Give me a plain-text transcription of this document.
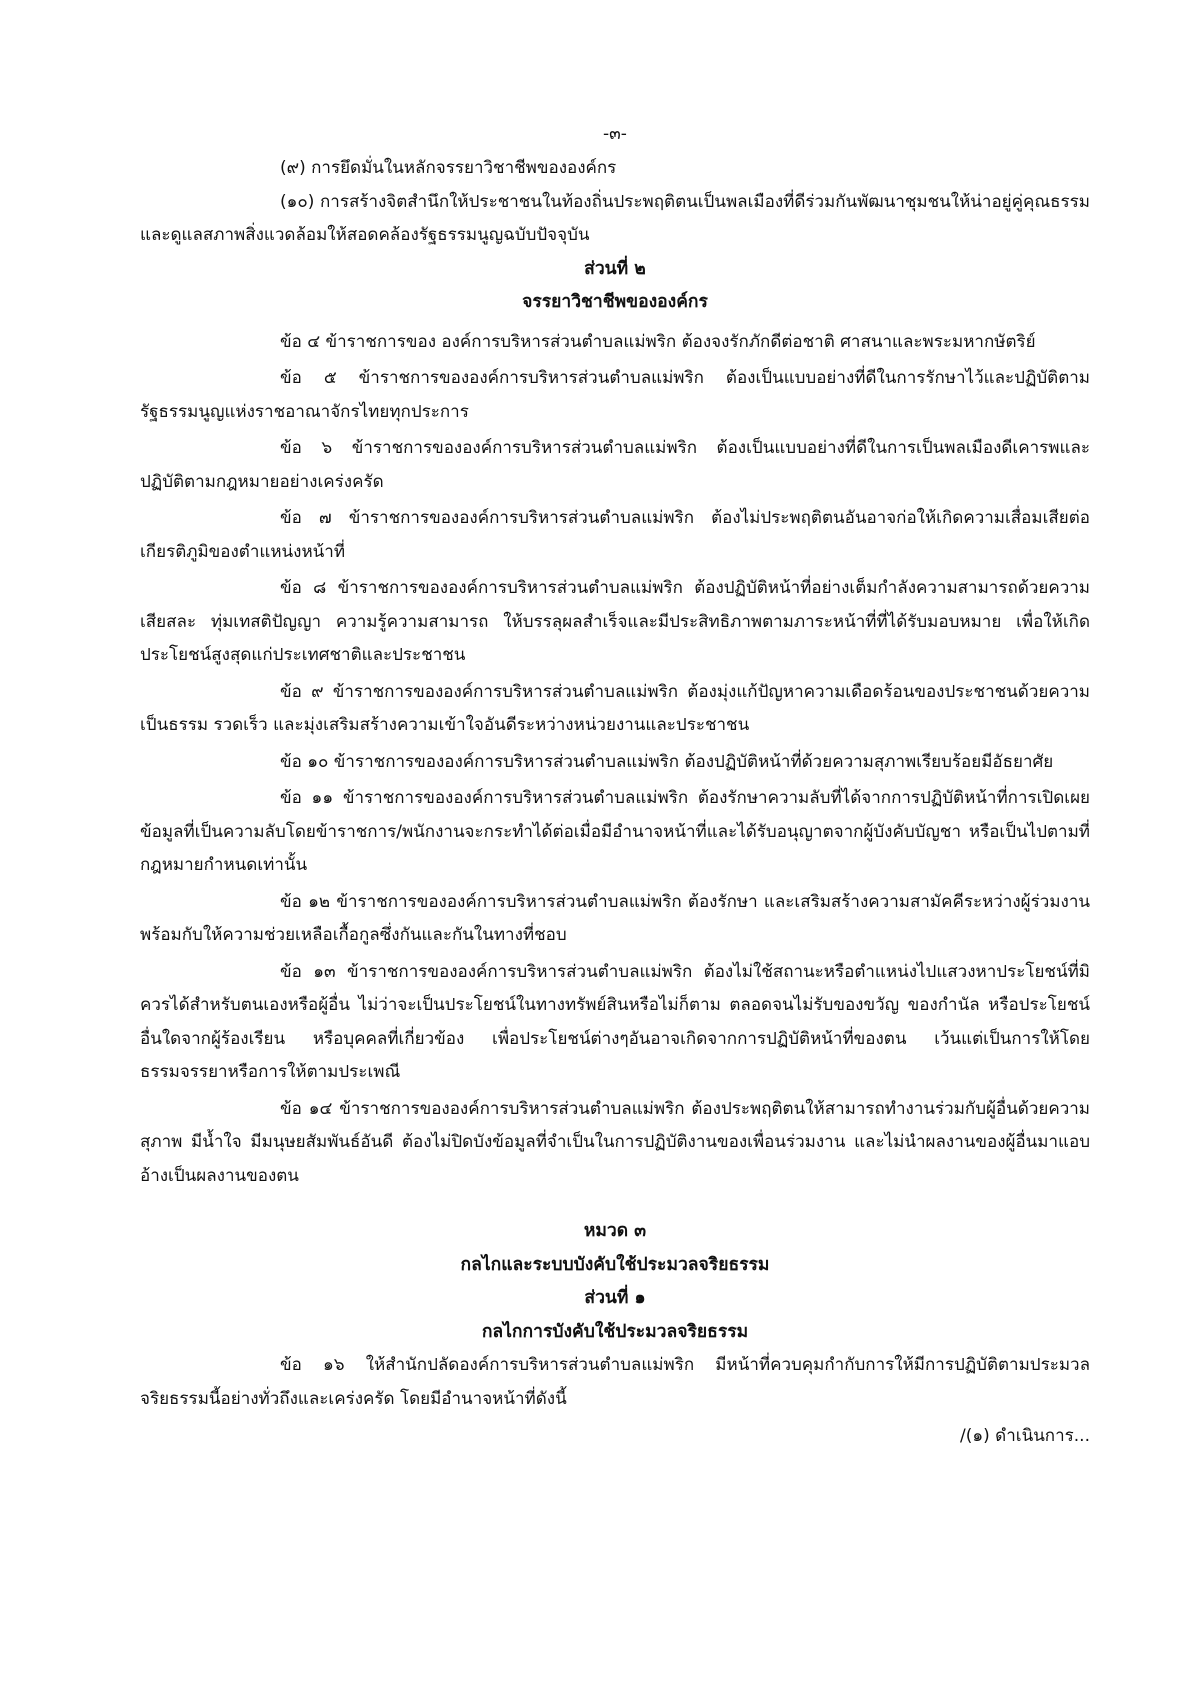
-๓-

(๙) การยึดมั่นในหลักจรรยาวิชาชีพขององค์กร

(๑๐) การสร้างจิตสำนึกให้ประชาชนในท้องถิ่นประพฤติตนเป็นพลเมืองที่ดีร่วมกันพัฒนาชุมชนให้น่าอยู่คู่คุณธรรมและดูแลสภาพสิ่งแวดล้อมให้สอดคล้องรัฐธรรมนูญฉบับปัจจุบัน

ส่วนที่ ๒

จรรยาวิชาชีพขององค์กร

ข้อ ๔ ข้าราชการของ องค์การบริหารส่วนตำบลแม่พริก ต้องจงรักภักดีต่อชาติ ศาสนาและพระมหากษัตริย์

ข้อ ๕ ข้าราชการขององค์การบริหารส่วนตำบลแม่พริก ต้องเป็นแบบอย่างที่ดีในการรักษาไว้และปฏิบัติตามรัฐธรรมนูญแห่งราชอาณาจักรไทยทุกประการ

ข้อ ๖ ข้าราชการขององค์การบริหารส่วนตำบลแม่พริก ต้องเป็นแบบอย่างที่ดีในการเป็นพลเมืองดีเคารพและปฏิบัติตามกฎหมายอย่างเคร่งครัด

ข้อ ๗ ข้าราชการขององค์การบริหารส่วนตำบลแม่พริก ต้องไม่ประพฤติตนอันอาจก่อให้เกิดความเสื่อมเสียต่อเกียรติภูมิของตำแหน่งหน้าที่

ข้อ ๘ ข้าราชการขององค์การบริหารส่วนตำบลแม่พริก ต้องปฏิบัติหน้าที่อย่างเต็มกำลังความสามารถด้วยความเสียสละ ทุ่มเทสติปัญญา ความรู้ความสามารถ ให้บรรลุผลสำเร็จและมีประสิทธิภาพตามภาระหน้าที่ที่ได้รับมอบหมาย เพื่อให้เกิดประโยชน์สูงสุดแก่ประเทศชาติและประชาชน

ข้อ ๙ ข้าราชการขององค์การบริหารส่วนตำบลแม่พริก ต้องมุ่งแก้ปัญหาความเดือดร้อนของประชาชนด้วยความเป็นธรรม รวดเร็ว และมุ่งเสริมสร้างความเข้าใจอันดีระหว่างหน่วยงานและประชาชน

ข้อ ๑๐ ข้าราชการขององค์การบริหารส่วนตำบลแม่พริก ต้องปฏิบัติหน้าที่ด้วยความสุภาพเรียบร้อยมีอัธยาศัย

ข้อ ๑๑ ข้าราชการขององค์การบริหารส่วนตำบลแม่พริก ต้องรักษาความลับที่ได้จากการปฏิบัติหน้าที่การเปิดเผยข้อมูลที่เป็นความลับโดยข้าราชการ/พนักงานจะกระทำได้ต่อเมื่อมีอำนาจหน้าที่และได้รับอนุญาตจากผู้บังคับบัญชา หรือเป็นไปตามที่กฎหมายกำหนดเท่านั้น

ข้อ ๑๒ ข้าราชการขององค์การบริหารส่วนตำบลแม่พริก ต้องรักษา และเสริมสร้างความสามัคคีระหว่างผู้ร่วมงาน พร้อมกับให้ความช่วยเหลือเกื้อกูลซึ่งกันและกันในทางที่ชอบ

ข้อ ๑๓ ข้าราชการขององค์การบริหารส่วนตำบลแม่พริก ต้องไม่ใช้สถานะหรือตำแหน่งไปแสวงหาประโยชน์ที่มิควรได้สำหรับตนเองหรือผู้อื่น ไม่ว่าจะเป็นประโยชน์ในทางทรัพย์สินหรือไม่ก็ตาม ตลอดจนไม่รับของขวัญ ของกำนัล หรือประโยชน์อื่นใดจากผู้ร้องเรียน หรือบุคคลที่เกี่ยวข้อง เพื่อประโยชน์ต่างๆอันอาจเกิดจากการปฏิบัติหน้าที่ของตน เว้นแต่เป็นการให้โดยธรรมจรรยาหรือการให้ตามประเพณี

ข้อ ๑๔ ข้าราชการขององค์การบริหารส่วนตำบลแม่พริก ต้องประพฤติตนให้สามารถทำงานร่วมกับผู้อื่นด้วยความสุภาพ มีน้ำใจ มีมนุษยสัมพันธ์อันดี ต้องไม่ปิดบังข้อมูลที่จำเป็นในการปฏิบัติงานของเพื่อนร่วมงาน และไม่นำผลงานของผู้อื่นมาแอบอ้างเป็นผลงานของตน

หมวด ๓

กลไกและระบบบังคับใช้ประมวลจริยธรรม

ส่วนที่ ๑

กลไกการบังคับใช้ประมวลจริยธรรม

ข้อ ๑๖ ให้สำนักปลัดองค์การบริหารส่วนตำบลแม่พริก มีหน้าที่ควบคุมกำกับการให้มีการปฏิบัติตามประมวลจริยธรรมนี้อย่างทั่วถึงและเคร่งครัด โดยมีอำนาจหน้าที่ดังนี้

/(๑) ดำเนินการ...
